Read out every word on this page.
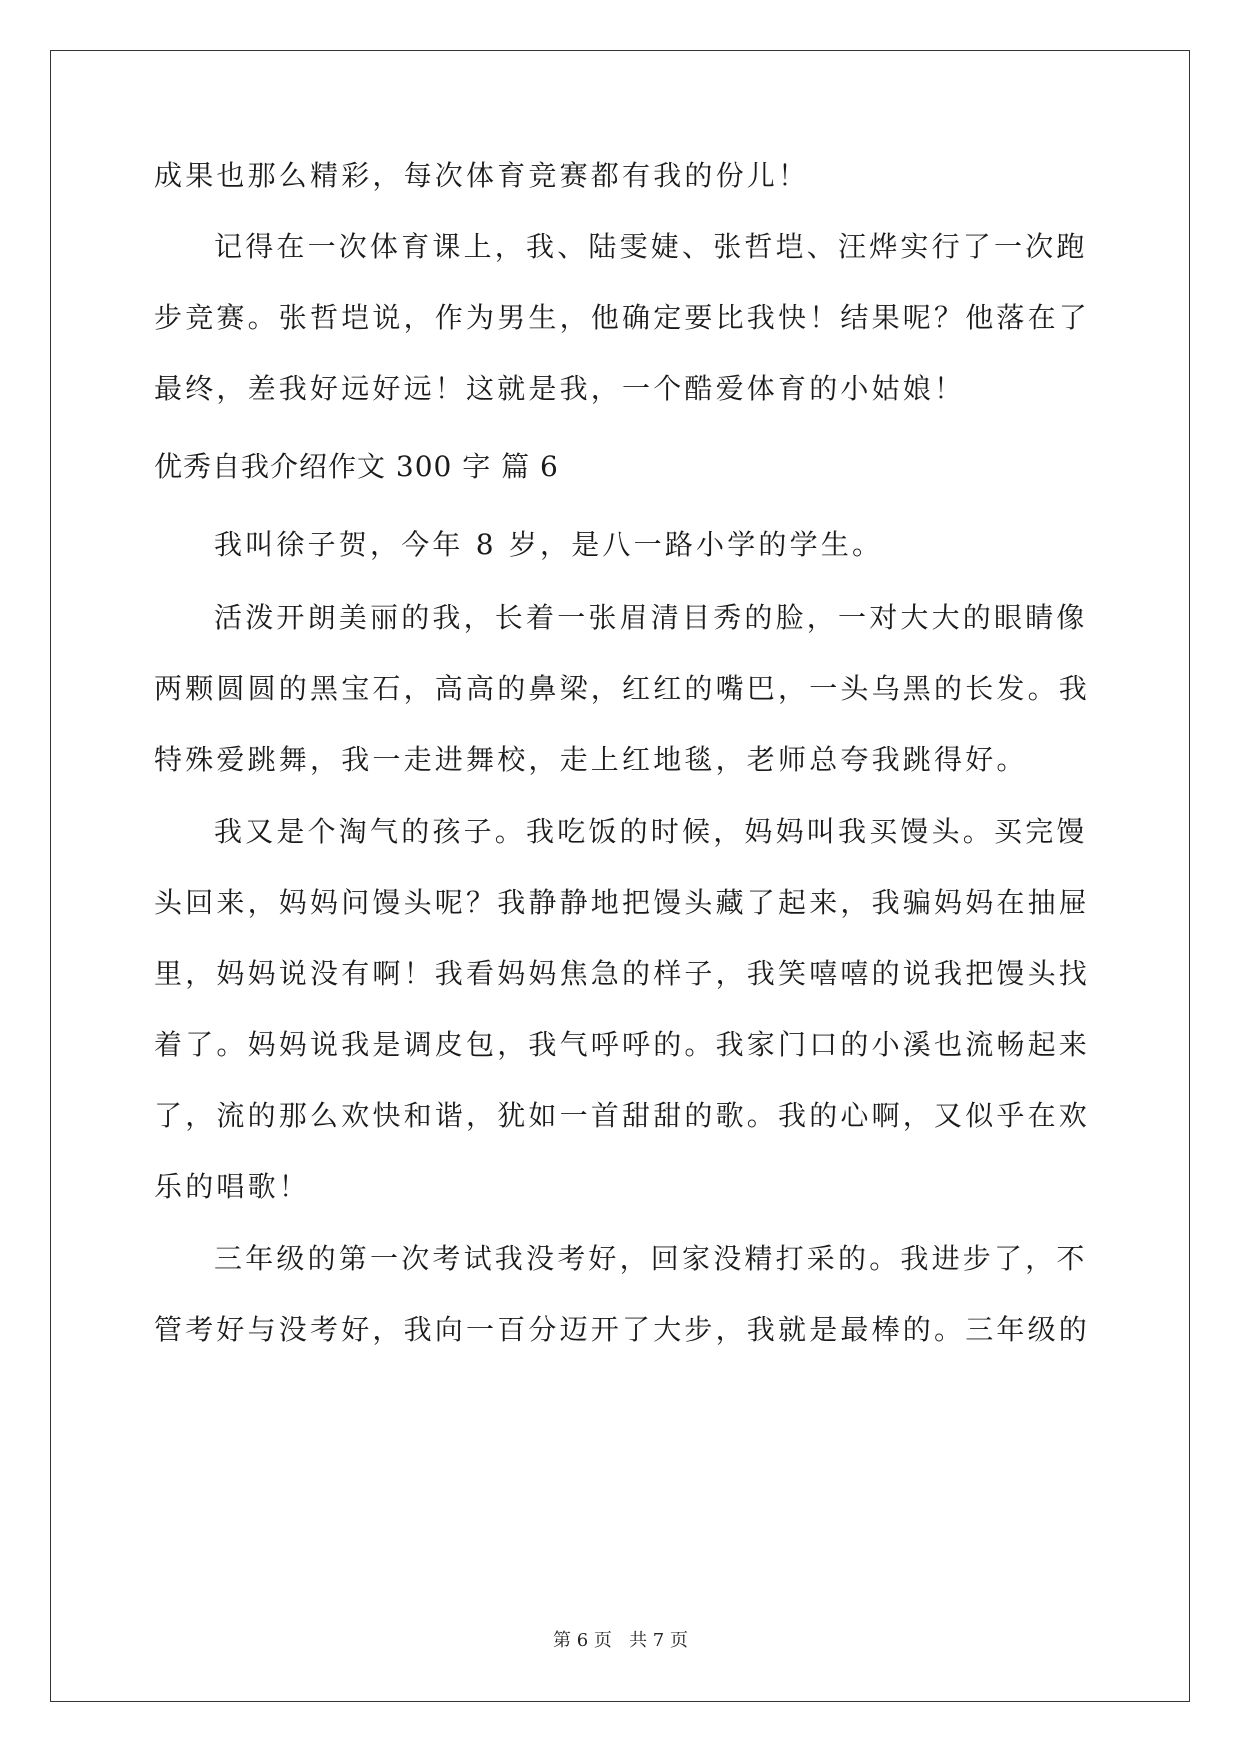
成果也那么精彩，每次体育竞赛都有我的份儿！
记得在一次体育课上，我、陆雯婕、张哲垲、汪烨实行了一次跑
步竞赛。张哲垲说，作为男生，他确定要比我快！结果呢？他落在了
最终，差我好远好远！这就是我，一个酷爱体育的小姑娘！
优秀自我介绍作文 300 字 篇 6
我叫徐子贺，今年 8 岁，是八一路小学的学生。
活泼开朗美丽的我，长着一张眉清目秀的脸，一对大大的眼睛像
两颗圆圆的黑宝石，高高的鼻梁，红红的嘴巴，一头乌黑的长发。我
特殊爱跳舞，我一走进舞校，走上红地毯，老师总夸我跳得好。
我又是个淘气的孩子。我吃饭的时候，妈妈叫我买馒头。买完馒
头回来，妈妈问馒头呢？我静静地把馒头藏了起来，我骗妈妈在抽屉
里，妈妈说没有啊！我看妈妈焦急的样子，我笑嘻嘻的说我把馒头找
着了。妈妈说我是调皮包，我气呼呼的。我家门口的小溪也流畅起来
了，流的那么欢快和谐，犹如一首甜甜的歌。我的心啊，又似乎在欢
乐的唱歌！
三年级的第一次考试我没考好，回家没精打采的。我进步了，不
管考好与没考好，我向一百分迈开了大步，我就是最棒的。三年级的
第 6 页   共 7 页
